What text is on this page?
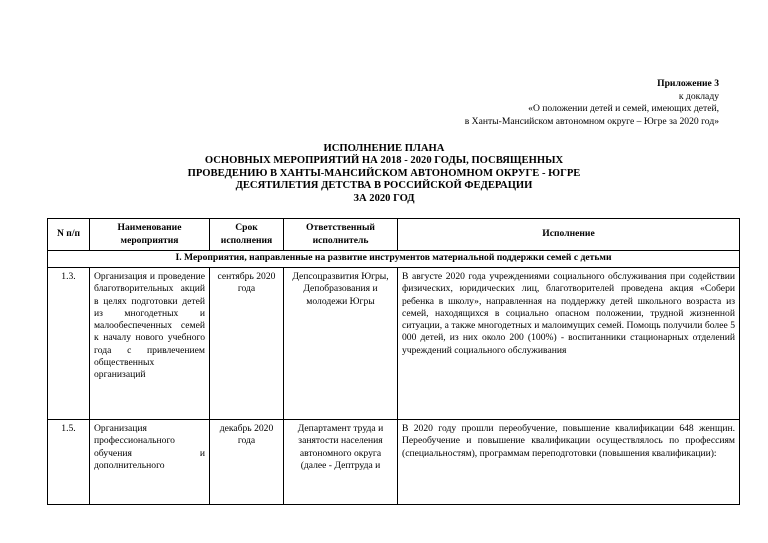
Приложение 3
к докладу
«О положении детей и семей, имеющих детей,
в Ханты-Мансийском автономном округе – Югре за 2020 год»
ИСПОЛНЕНИЕ ПЛАНА
ОСНОВНЫХ МЕРОПРИЯТИЙ НА 2018 - 2020 ГОДЫ, ПОСВЯЩЕННЫХ
ПРОВЕДЕНИЮ В ХАНТЫ-МАНСИЙСКОМ АВТОНОМНОМ ОКРУГЕ - ЮГРЕ
ДЕСЯТИЛЕТИЯ ДЕТСТВА В РОССИЙСКОЙ ФЕДЕРАЦИИ
ЗА 2020 ГОД
N п/п	Наименование мероприятия	Срок исполнения	Ответственный исполнитель	Исполнение
I. Мероприятия, направленные на развитие инструментов материальной поддержки семей с детьми				
1.3.	Организация и проведение благотворительных акций в целях подготовки детей из многодетных и малообеспеченных семей к началу нового учебного года с привлечением общественных организаций	сентябрь 2020 года	Депсоцразвития Югры, Депобразования и молодежи Югры	В августе 2020 года учреждениями социального обслуживания при содействии физических, юридических лиц, благотворителей проведена акция «Собери ребенка в школу», направленная на поддержку детей школьного возраста из семей, находящихся в социально опасном положении, трудной жизненной ситуации, а также многодетных и малоимущих семей. Помощь получили более 5 000 детей, из них около 200 (100%) - воспитанники стационарных отделений учреждений социального обслуживания
1.5.	Организация профессионального обучения и дополнительного	декабрь 2020 года	Департамент труда и занятости населения автономного округа (далее - Дептруда и	В 2020 году прошли переобучение, повышение квалификации 648 женщин. Переобучение и повышение квалификации осуществлялось по профессиям (специальностям), программам переподготовки (повышения квалификации):
